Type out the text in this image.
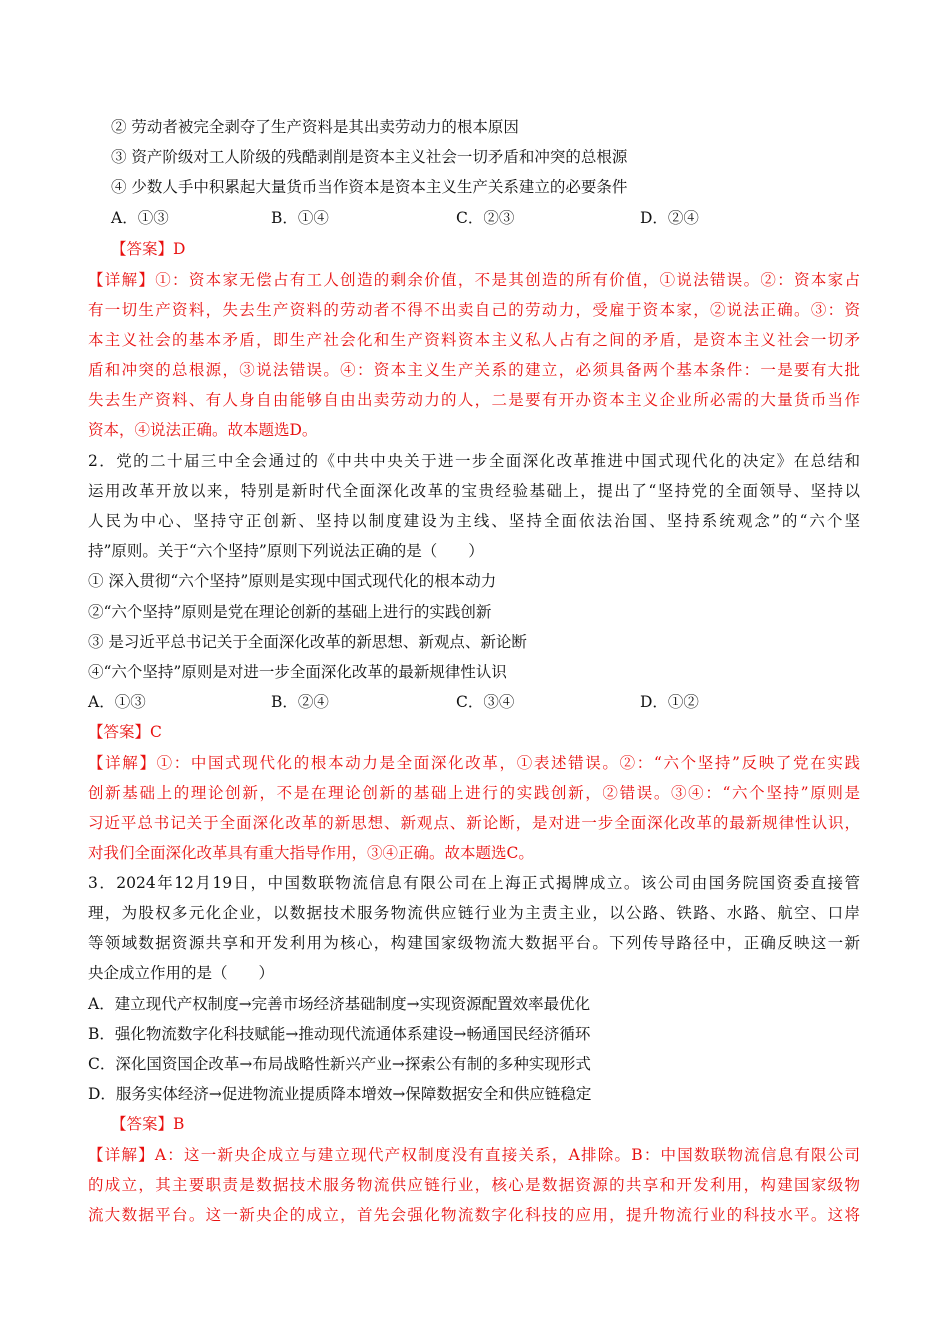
② 劳动者被完全剥夺了生产资料是其出卖劳动力的根本原因
③ 资产阶级对工人阶级的残酷剥削是资本主义社会一切矛盾和冲突的总根源
④ 少数人手中积累起大量货币当作资本是资本主义生产关系建立的必要条件
A．①③	B．①④	C．②③	D．②④
【答案】D
【详解】①：资本家无偿占有工人创造的剩余价值，不是其创造的所有价值，①说法错误。②：资本家占
有一切生产资料，失去生产资料的劳动者不得不出卖自己的劳动力，受雇于资本家，②说法正确。③：资
本主义社会的基本矛盾，即生产社会化和生产资料资本主义私人占有之间的矛盾，是资本主义社会一切矛
盾和冲突的总根源，③说法错误。④：资本主义生产关系的建立，必须具备两个基本条件：一是要有大批
失去生产资料、有人身自由能够自由出卖劳动力的人，二是要有开办资本主义企业所必需的大量货币当作
资本，④说法正确。故本题选D。
2．党的二十届三中全会通过的《中共中央关于进一步全面深化改革推进中国式现代化的决定》在总结和
运用改革开放以来，特别是新时代全面深化改革的宝贵经验基础上，提出了“坚持党的全面领导、坚持以
人民为中心、坚持守正创新、坚持以制度建设为主线、坚持全面依法治国、坚持系统观念”的“六个坚
持”原则。关于“六个坚持”原则下列说法正确的是（　　）
① 深入贯彻“六个坚持”原则是实现中国式现代化的根本动力
②“六个坚持”原则是党在理论创新的基础上进行的实践创新
③ 是习近平总书记关于全面深化改革的新思想、新观点、新论断
④“六个坚持”原则是对进一步全面深化改革的最新规律性认识
A．①③	B．②④	C．③④	D．①②
【答案】C
【详解】①：中国式现代化的根本动力是全面深化改革，①表述错误。②：“六个坚持”反映了党在实践
创新基础上的理论创新，不是在理论创新的基础上进行的实践创新，②错误。③④：“六个坚持”原则是
习近平总书记关于全面深化改革的新思想、新观点、新论断，是对进一步全面深化改革的最新规律性认识，
对我们全面深化改革具有重大指导作用，③④正确。故本题选C。
3．2024年12月19日，中国数联物流信息有限公司在上海正式揭牌成立。该公司由国务院国资委直接管
理，为股权多元化企业，以数据技术服务物流供应链行业为主责主业，以公路、铁路、水路、航空、口岸
等领域数据资源共享和开发利用为核心，构建国家级物流大数据平台。下列传导路径中，正确反映这一新
央企成立作用的是（　　）
A．建立现代产权制度→完善市场经济基础制度→实现资源配置效率最优化
B．强化物流数字化科技赋能→推动现代流通体系建设→畅通国民经济循环
C．深化国资国企改革→布局战略性新兴产业→探索公有制的多种实现形式
D．服务实体经济→促进物流业提质降本增效→保障数据安全和供应链稳定
【答案】B
【详解】A：这一新央企成立与建立现代产权制度没有直接关系，A排除。B：中国数联物流信息有限公司
的成立，其主要职责是数据技术服务物流供应链行业，核心是数据资源的共享和开发利用，构建国家级物
流大数据平台。这一新央企的成立，首先会强化物流数字化科技的应用，提升物流行业的科技水平。这将
